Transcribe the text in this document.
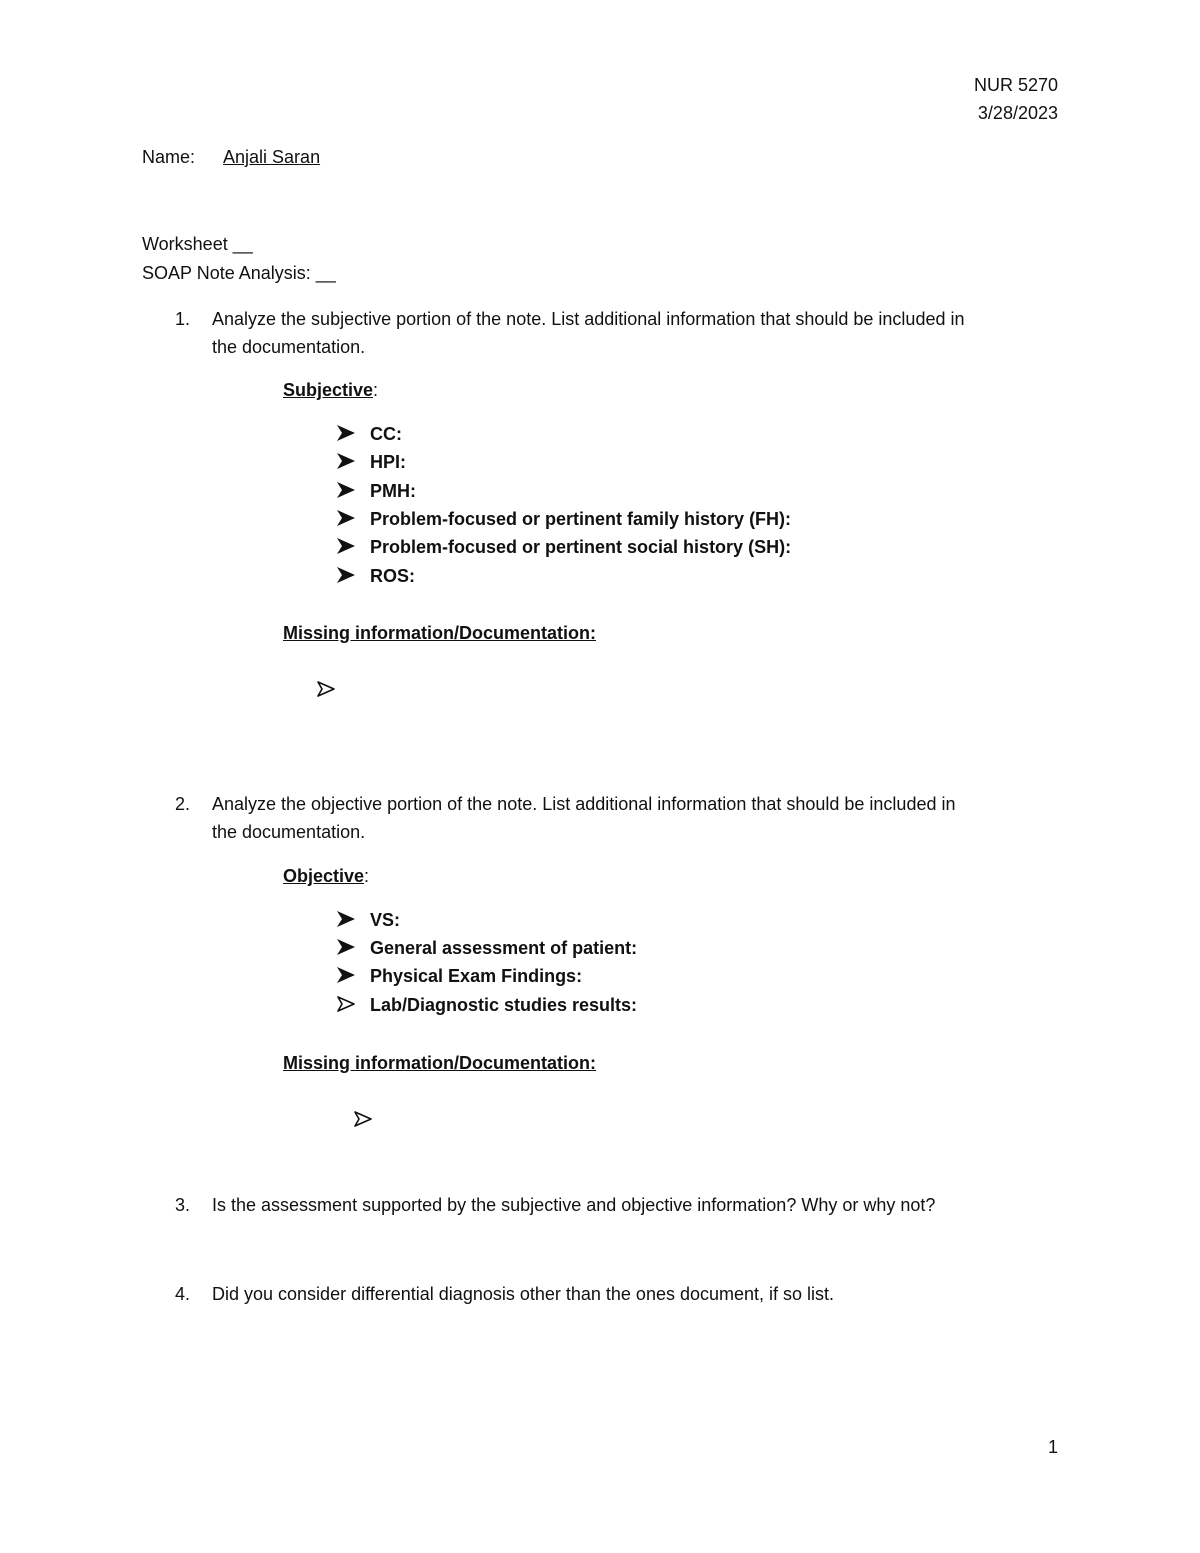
NUR 5270
3/28/2023
Name: Anjali Saran
Worksheet __
SOAP Note Analysis: __
1. Analyze the subjective portion of the note. List additional information that should be included in
the documentation.
Subjective:
CC:
HPI:
PMH:
Problem-focused or pertinent family history (FH):
Problem-focused or pertinent social history (SH):
ROS:
Missing information/Documentation:
2. Analyze the objective portion of the note. List additional information that should be included in
the documentation.
Objective:
VS:
General assessment of patient:
Physical Exam Findings:
Lab/Diagnostic studies results:
Missing information/Documentation:
3. Is the assessment supported by the subjective and objective information? Why or why not?
4. Did you consider differential diagnosis other than the ones document, if so list.
1
